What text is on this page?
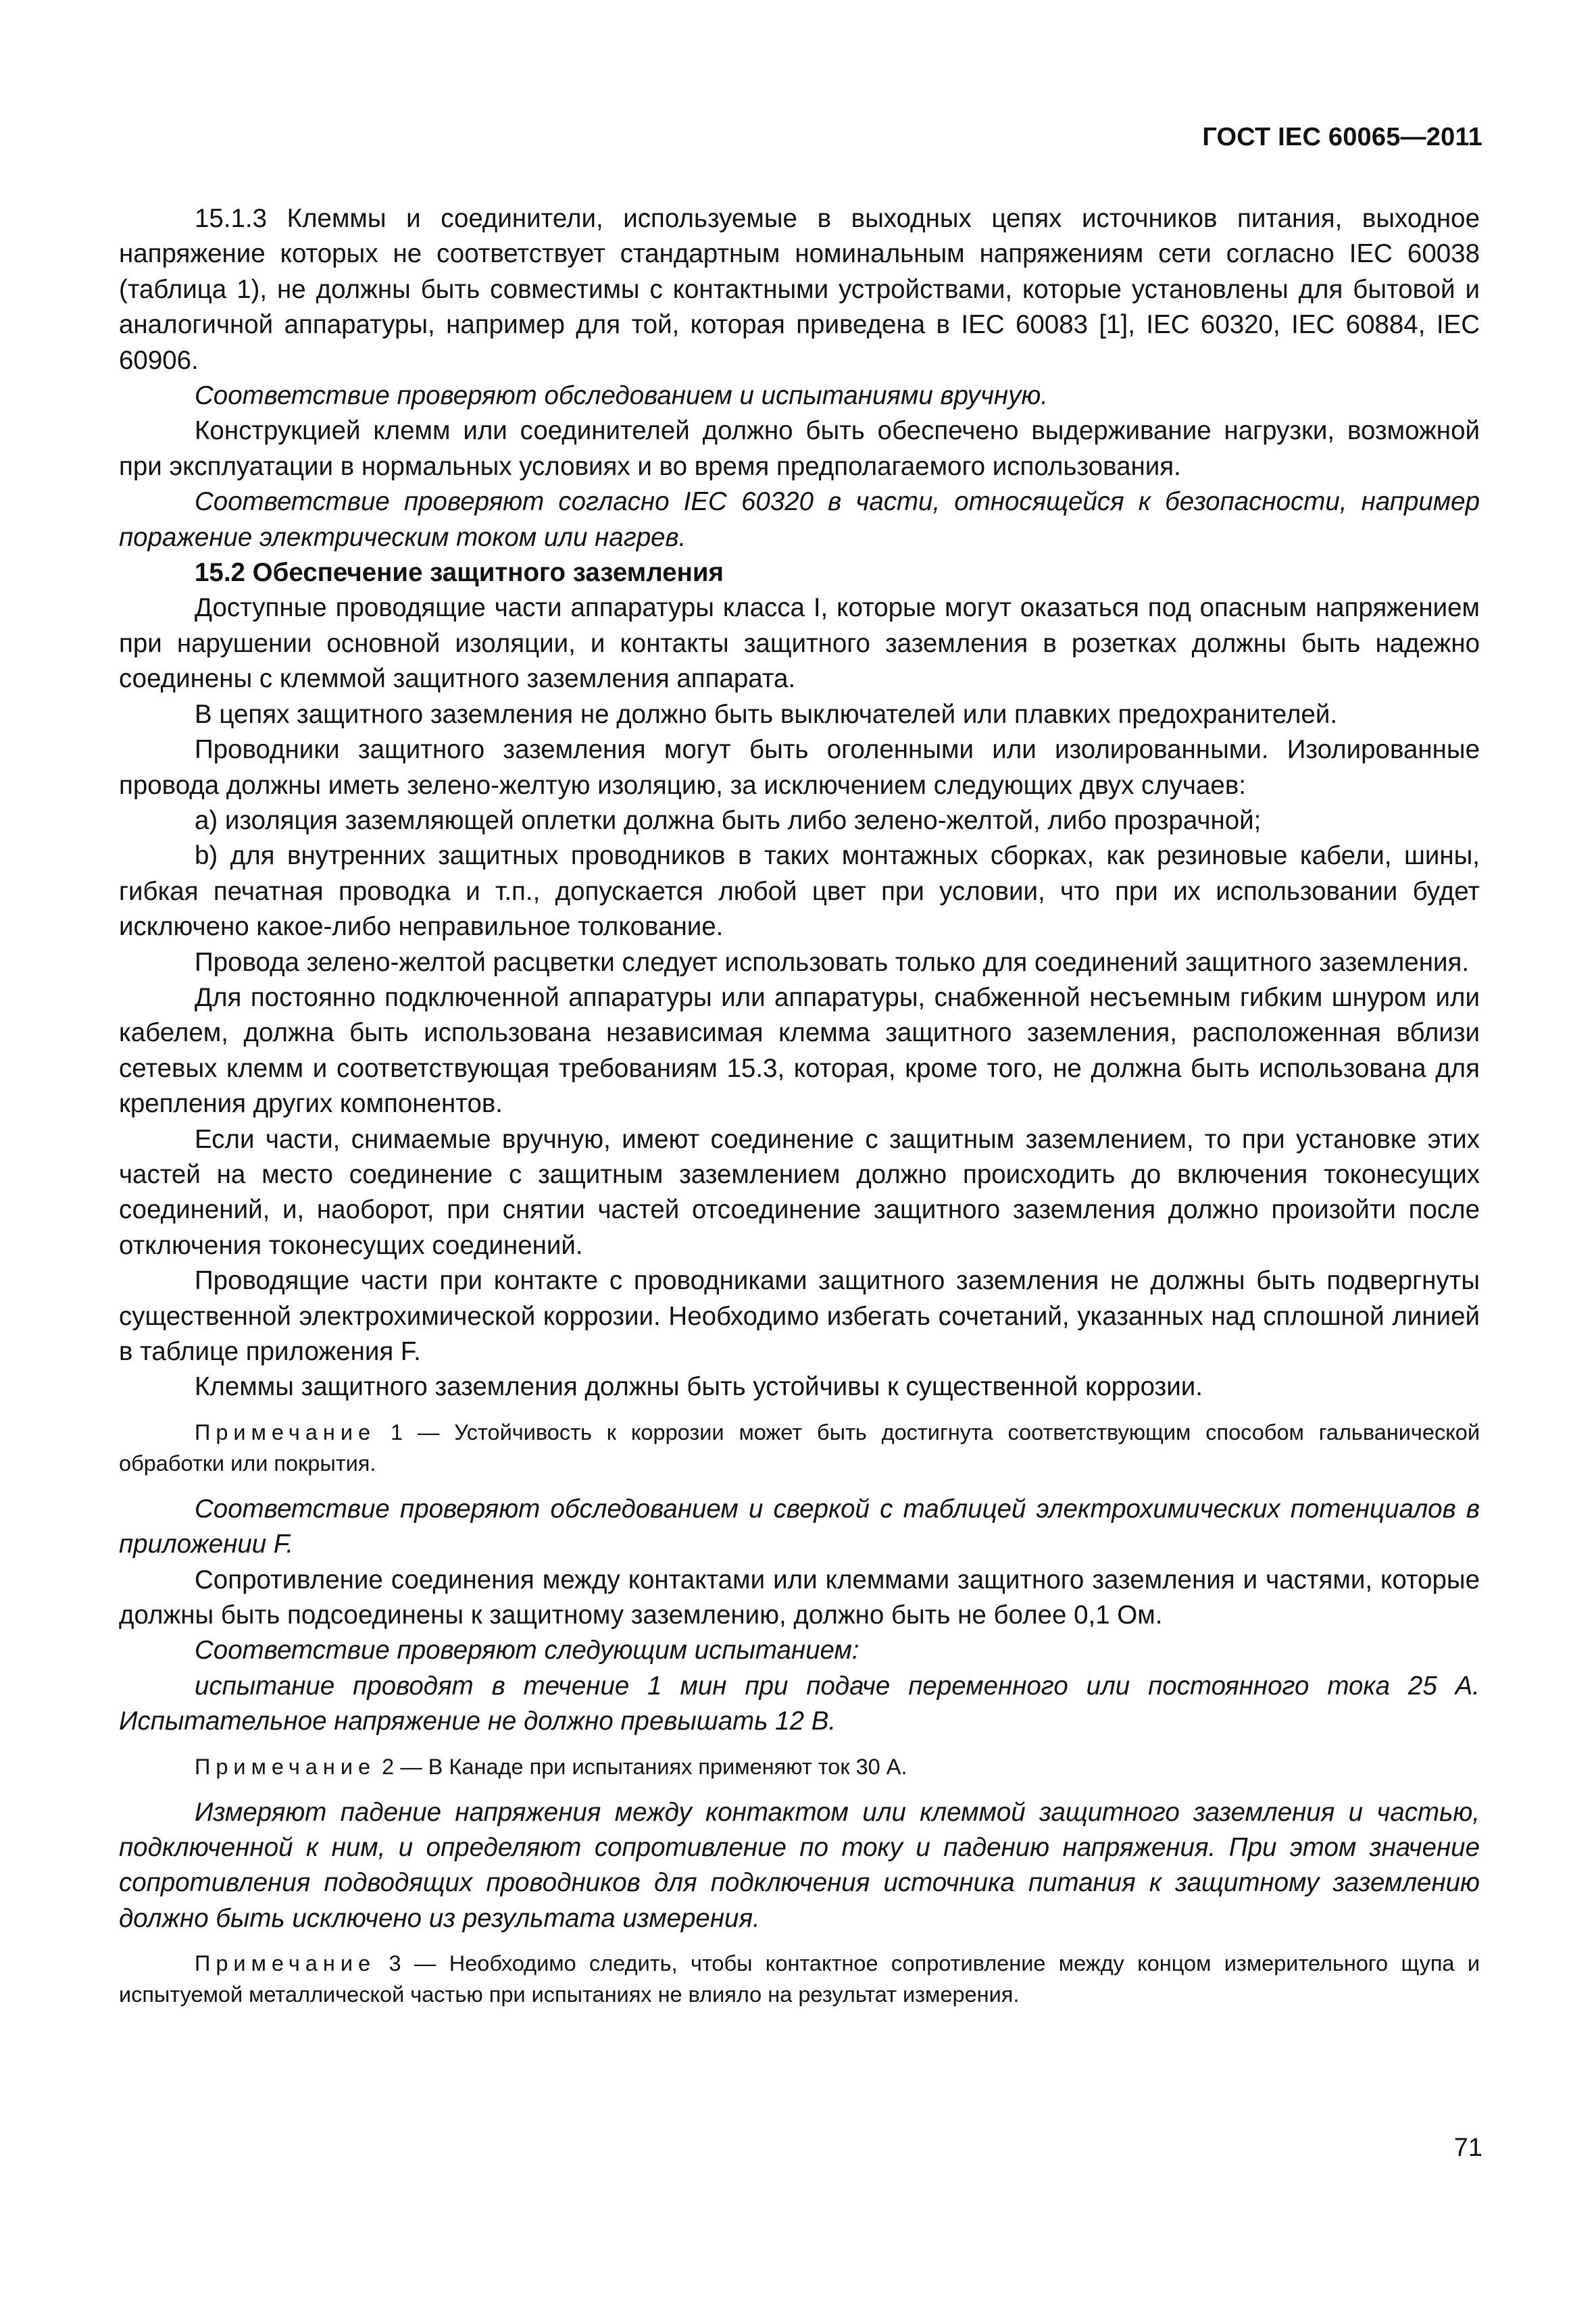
ГОСТ IEC 60065—2011

15.1.3 Клеммы и соединители, используемые в выходных цепях источников питания, выходное напряжение которых не соответствует стандартным номинальным напряжениям сети согласно IEC 60038 (таблица 1), не должны быть совместимы с контактными устройствами, которые установлены для бытовой и аналогичной аппаратуры, например для той, которая приведена в IEC 60083 [1], IEC 60320, IEC 60884, IEC 60906.

Соответствие проверяют обследованием и испытаниями вручную.

Конструкцией клемм или соединителей должно быть обеспечено выдерживание нагрузки, возможной при эксплуатации в нормальных условиях и во время предполагаемого использования.

Соответствие проверяют согласно IEC 60320 в части, относящейся к безопасности, например поражение электрическим током или нагрев.

15.2 Обеспечение защитного заземления

Доступные проводящие части аппаратуры класса I, которые могут оказаться под опасным напряжением при нарушении основной изоляции, и контакты защитного заземления в розетках должны быть надежно соединены с клеммой защитного заземления аппарата.

В цепях защитного заземления не должно быть выключателей или плавких предохранителей.

Проводники защитного заземления могут быть оголенными или изолированными. Изолированные провода должны иметь зелено-желтую изоляцию, за исключением следующих двух случаев:

a) изоляция заземляющей оплетки должна быть либо зелено-желтой, либо прозрачной;

b) для внутренних защитных проводников в таких монтажных сборках, как резиновые кабели, шины, гибкая печатная проводка и т.п., допускается любой цвет при условии, что при их использовании будет исключено какое-либо неправильное толкование.

Провода зелено-желтой расцветки следует использовать только для соединений защитного заземления.

Для постоянно подключенной аппаратуры или аппаратуры, снабженной несъемным гибким шнуром или кабелем, должна быть использована независимая клемма защитного заземления, расположенная вблизи сетевых клемм и соответствующая требованиям 15.3, которая, кроме того, не должна быть использована для крепления других компонентов.

Если части, снимаемые вручную, имеют соединение с защитным заземлением, то при установке этих частей на место соединение с защитным заземлением должно происходить до включения токонесущих соединений, и, наоборот, при снятии частей отсоединение защитного заземления должно произойти после отключения токонесущих соединений.

Проводящие части при контакте с проводниками защитного заземления не должны быть подвергнуты существенной электрохимической коррозии. Необходимо избегать сочетаний, указанных над сплошной линией в таблице приложения F.

Клеммы защитного заземления должны быть устойчивы к существенной коррозии.

Примечание 1 — Устойчивость к коррозии может быть достигнута соответствующим способом гальванической обработки или покрытия.

Соответствие проверяют обследованием и сверкой с таблицей электрохимических потенциалов в приложении F.

Сопротивление соединения между контактами или клеммами защитного заземления и частями, которые должны быть подсоединены к защитному заземлению, должно быть не более 0,1 Ом.

Соответствие проверяют следующим испытанием:

испытание проводят в течение 1 мин при подаче переменного или постоянного тока 25 А. Испытательное напряжение не должно превышать 12 В.

Примечание 2 — В Канаде при испытаниях применяют ток 30 А.

Измеряют падение напряжения между контактом или клеммой защитного заземления и частью, подключенной к ним, и определяют сопротивление по току и падению напряжения. При этом значение сопротивления подводящих проводников для подключения источника питания к защитному заземлению должно быть исключено из результата измерения.

Примечание 3 — Необходимо следить, чтобы контактное сопротивление между концом измерительного щупа и испытуемой металлической частью при испытаниях не влияло на результат измерения.

71
